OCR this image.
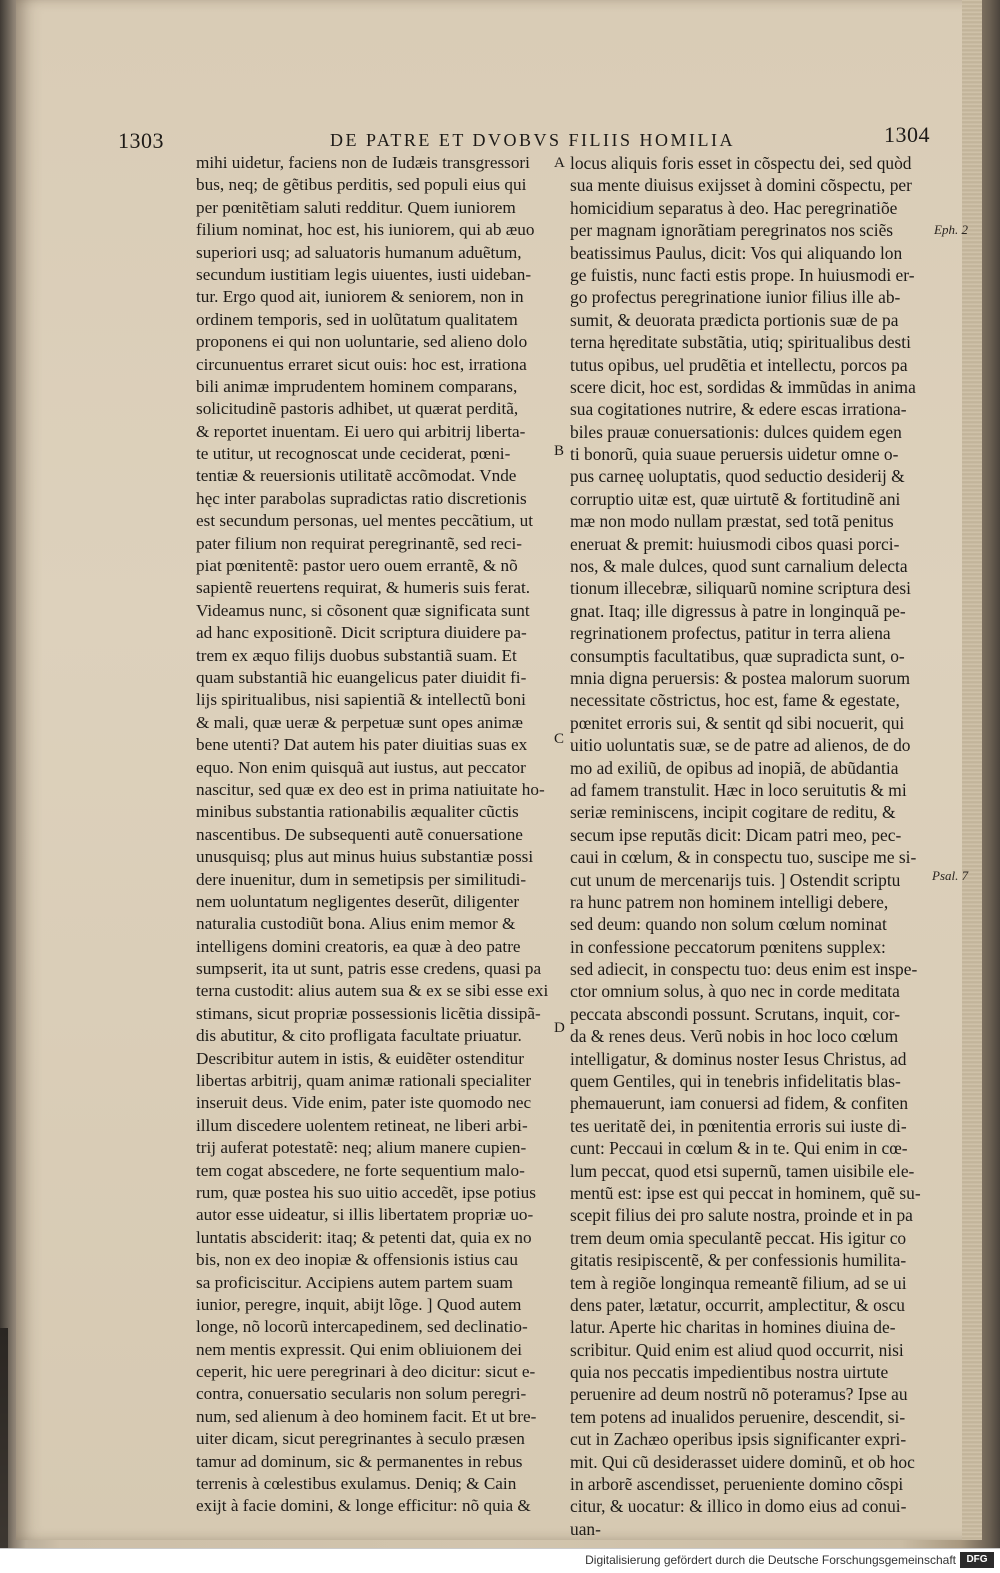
1303	DE PATRE ET DVOBVS FILIIS HOMILIA	1304
mihi uidetur, faciens non de Iudæis transgressori
bus, neq; de gẽtibus perditis, sed populi eius qui
per pœnitẽtiam saluti redditur. Quem iuniorem
filium nominat, hoc est, his iuniorem, qui ab æuo
superiori usq; ad saluatoris humanum aduẽtum,
secundum iustitiam legis uiuentes, iusti uideban-
tur. Ergo quod ait, iuniorem & seniorem, non in
ordinem temporis, sed in uolũtatum qualitatem
proponens ei qui non uoluntarie, sed alieno dolo
circunuentus erraret sicut ouis: hoc est, irrationa
bili animæ imprudentem hominem comparans,
solicitudinẽ pastoris adhibet, ut quærat perditã,
& reportet inuentam. Ei uero qui arbitrij liberta-
te utitur, ut recognoscat unde ceciderat, pœni-
tentiæ & reuersionis utilitatẽ accõmodat. Vnde
hęc inter parabolas supradictas ratio discretionis
est secundum personas, uel mentes peccãtium, ut
pater filium non requirat peregrinantẽ, sed reci-
piat pœnitentẽ: pastor uero ouem errantẽ, & nõ
sapientẽ reuertens requirat, & humeris suis ferat.
Videamus nunc, si cõsonent quæ significata sunt
ad hanc expositionẽ. Dicit scriptura diuidere pa-
trem ex æquo filijs duobus substantiã suam. Et
quam substantiã hic euangelicus pater diuidit fi-
lijs spiritualibus, nisi sapientiã & intellectũ boni
& mali, quæ ueræ & perpetuæ sunt opes animæ
bene utenti? Dat autem his pater diuitias suas ex
equo. Non enim quisquã aut iustus, aut peccator
nascitur, sed quæ ex deo est in prima natiuitate ho-
minibus substantia rationabilis æqualiter cũctis
nascentibus. De subsequenti autẽ conuersatione
unusquisq; plus aut minus huius substantiæ possi
dere inuenitur, dum in semetipsis per similitudi-
nem uoluntatum negligentes deserũt, diligenter
naturalia custodiũt bona. Alius enim memor &
intelligens domini creatoris, ea quæ à deo patre
sumpserit, ita ut sunt, patris esse credens, quasi pa
terna custodit: alius autem sua & ex se sibi esse exi
stimans, sicut propriæ possessionis licẽtia dissipã-
dis abutitur, & cito profligata facultate priuatur.
Describitur autem in istis, & euidẽter ostenditur
libertas arbitrij, quam animæ rationali specialiter
inseruit deus. Vide enim, pater iste quomodo nec
illum discedere uolentem retineat, ne liberi arbi-
trij auferat potestatẽ: neq; alium manere cupien-
tem cogat abscedere, ne forte sequentium malo-
rum, quæ postea his suo uitio accedẽt, ipse potius
autor esse uideatur, si illis libertatem propriæ uo-
luntatis absciderit: itaq; & petenti dat, quia ex no
bis, non ex deo inopiæ & offensionis istius cau
sa proficiscitur. Accipiens autem partem suam
iunior, peregre, inquit, abijt lõge. ] Quod autem
longe, nõ locorũ intercapedinem, sed declinatio-
nem mentis expressit. Qui enim obliuionem dei
ceperit, hic uere peregrinari à deo dicitur: sicut e-
contra, conuersatio secularis non solum peregri-
num, sed alienum à deo hominem facit. Et ut bre-
uiter dicam, sicut peregrinantes à seculo præsen
tamur ad dominum, sic & permanentes in rebus
terrenis à cœlestibus exulamus. Deniq; & Cain
exijt à facie domini, & longe efficitur: nõ quia &
locus aliquis foris esset in cõspectu dei, sed quòd
sua mente diuisus exijsset à domini cõspectu, per
homicidium separatus à deo. Hac peregrinatiõe
per magnam ignorãtiam peregrinatos nos sciẽs
beatissimus Paulus, dicit: Vos qui aliquando lon
ge fuistis, nunc facti estis prope. In huiusmodi er-
go profectus peregrinatione iunior filius ille ab-
sumit, & deuorata prædicta portionis suæ de pa
terna hęreditate substãtia, utiq; spiritualibus desti
tutus opibus, uel prudẽtia et intellectu, porcos pa
scere dicit, hoc est, sordidas & immũdas in anima
sua cogitationes nutrire, & edere escas irrationa-
biles prauæ conuersationis: dulces quidem egen
ti bonorũ, quia suaue peruersis uidetur omne o-
pus carneę uoluptatis, quod seductio desiderij &
corruptio uitæ est, quæ uirtutẽ & fortitudinẽ ani
mæ non modo nullam præstat, sed totã penitus
eneruat & premit: huiusmodi cibos quasi porci-
nos, & male dulces, quod sunt carnalium delecta
tionum illecebræ, siliquarũ nomine scriptura desi
gnat. Itaq; ille digressus à patre in longinquã pe-
regrinationem profectus, patitur in terra aliena
consumptis facultatibus, quæ supradicta sunt, o-
mnia digna peruersis: & postea malorum suorum
necessitate cõstrictus, hoc est, fame & egestate,
pœnitet erroris sui, & sentit qd sibi nocuerit, qui
uitio uoluntatis suæ, se de patre ad alienos, de do
mo ad exiliũ, de opibus ad inopiã, de abũdantia
ad famem transtulit. Hæc in loco seruitutis & mi
seriæ reminiscens, incipit cogitare de reditu, &
secum ipse reputãs dicit: Dicam patri meo, pec-
caui in cœlum, & in conspectu tuo, suscipe me si-
cut unum de mercenarijs tuis. ] Ostendit scriptu
ra hunc patrem non hominem intelligi debere,
sed deum: quando non solum cœlum nominat
in confessione peccatorum pœnitens supplex:
sed adiecit, in conspectu tuo: deus enim est inspe-
ctor omnium solus, à quo nec in corde meditata
peccata abscondi possunt. Scrutans, inquit, cor-
da & renes deus. Verũ nobis in hoc loco cœlum
intelligatur, & dominus noster Iesus Christus, ad
quem Gentiles, qui in tenebris infidelitatis blas-
phemauerunt, iam conuersi ad fidem, & confiten
tes ueritatẽ dei, in pœnitentia erroris sui iuste di-
cunt: Peccaui in cœlum & in te. Qui enim in cœ-
lum peccat, quod etsi supernũ, tamen uisibile ele-
mentũ est: ipse est qui peccat in hominem, quẽ su-
scepit filius dei pro salute nostra, proinde et in pa
trem deum omia speculantẽ peccat. His igitur co
gitatis resipiscentẽ, & per confessionis humilita-
tem à regiõe longinqua remeantẽ filium, ad se ui
dens pater, lætatur, occurrit, amplectitur, & oscu
latur. Aperte hic charitas in homines diuina de-
scribitur. Quid enim est aliud quod occurrit, nisi
quia nos peccatis impedientibus nostra uirtute
peruenire ad deum nostrũ nõ poteramus? Ipse au
tem potens ad inualidos peruenire, descendit, si-
cut in Zachæo operibus ipsis significanter expri-
mit. Qui cũ desiderasset uidere dominũ, et ob hoc
in arborẽ ascendisset, perueniente domino cõspi
citur, & uocatur: & illico in domo eius ad conui-
uan-
A
B
C
D
Eph. 2
Psal. 7
Digitalisierung gefördert durch die Deutsche Forschungsgemeinschaft	DFG
